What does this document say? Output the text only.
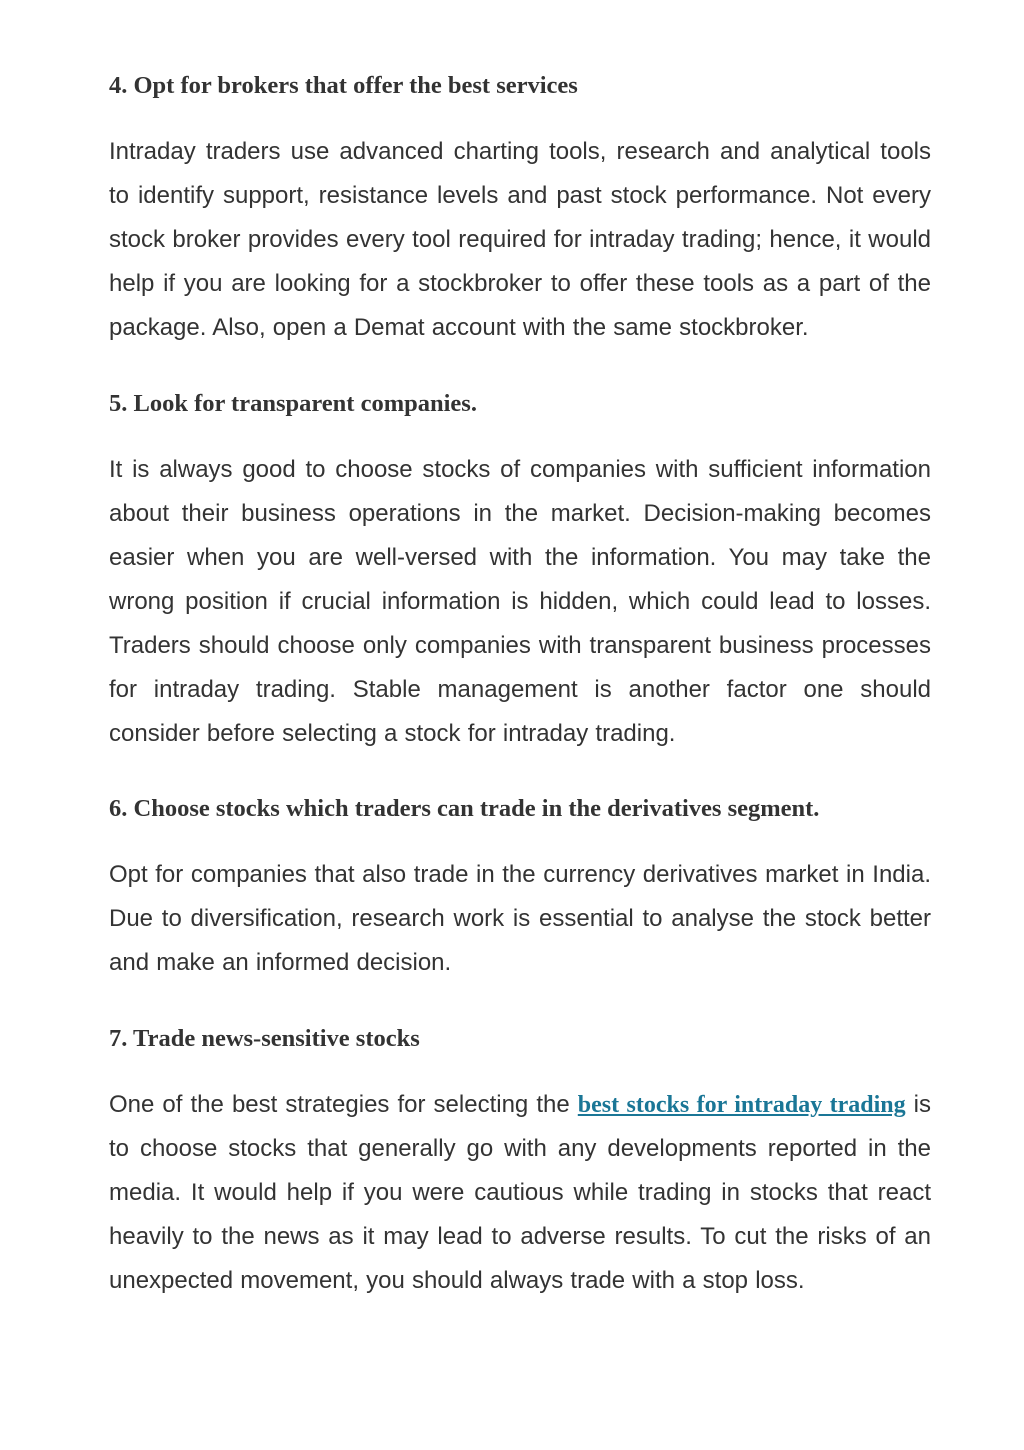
4. Opt for brokers that offer the best services

Intraday traders use advanced charting tools, research and analytical tools to identify support, resistance levels and past stock performance. Not every stock broker provides every tool required for intraday trading; hence, it would help if you are looking for a stockbroker to offer these tools as a part of the package. Also, open a Demat account with the same stockbroker.

5. Look for transparent companies.

It is always good to choose stocks of companies with sufficient information about their business operations in the market. Decision-making becomes easier when you are well-versed with the information. You may take the wrong position if crucial information is hidden, which could lead to losses. Traders should choose only companies with transparent business processes for intraday trading. Stable management is another factor one should consider before selecting a stock for intraday trading.

6. Choose stocks which traders can trade in the derivatives segment.

Opt for companies that also trade in the currency derivatives market in India. Due to diversification, research work is essential to analyse the stock better and make an informed decision.

7. Trade news-sensitive stocks

One of the best strategies for selecting the best stocks for intraday trading is to choose stocks that generally go with any developments reported in the media. It would help if you were cautious while trading in stocks that react heavily to the news as it may lead to adverse results. To cut the risks of an unexpected movement, you should always trade with a stop loss.
